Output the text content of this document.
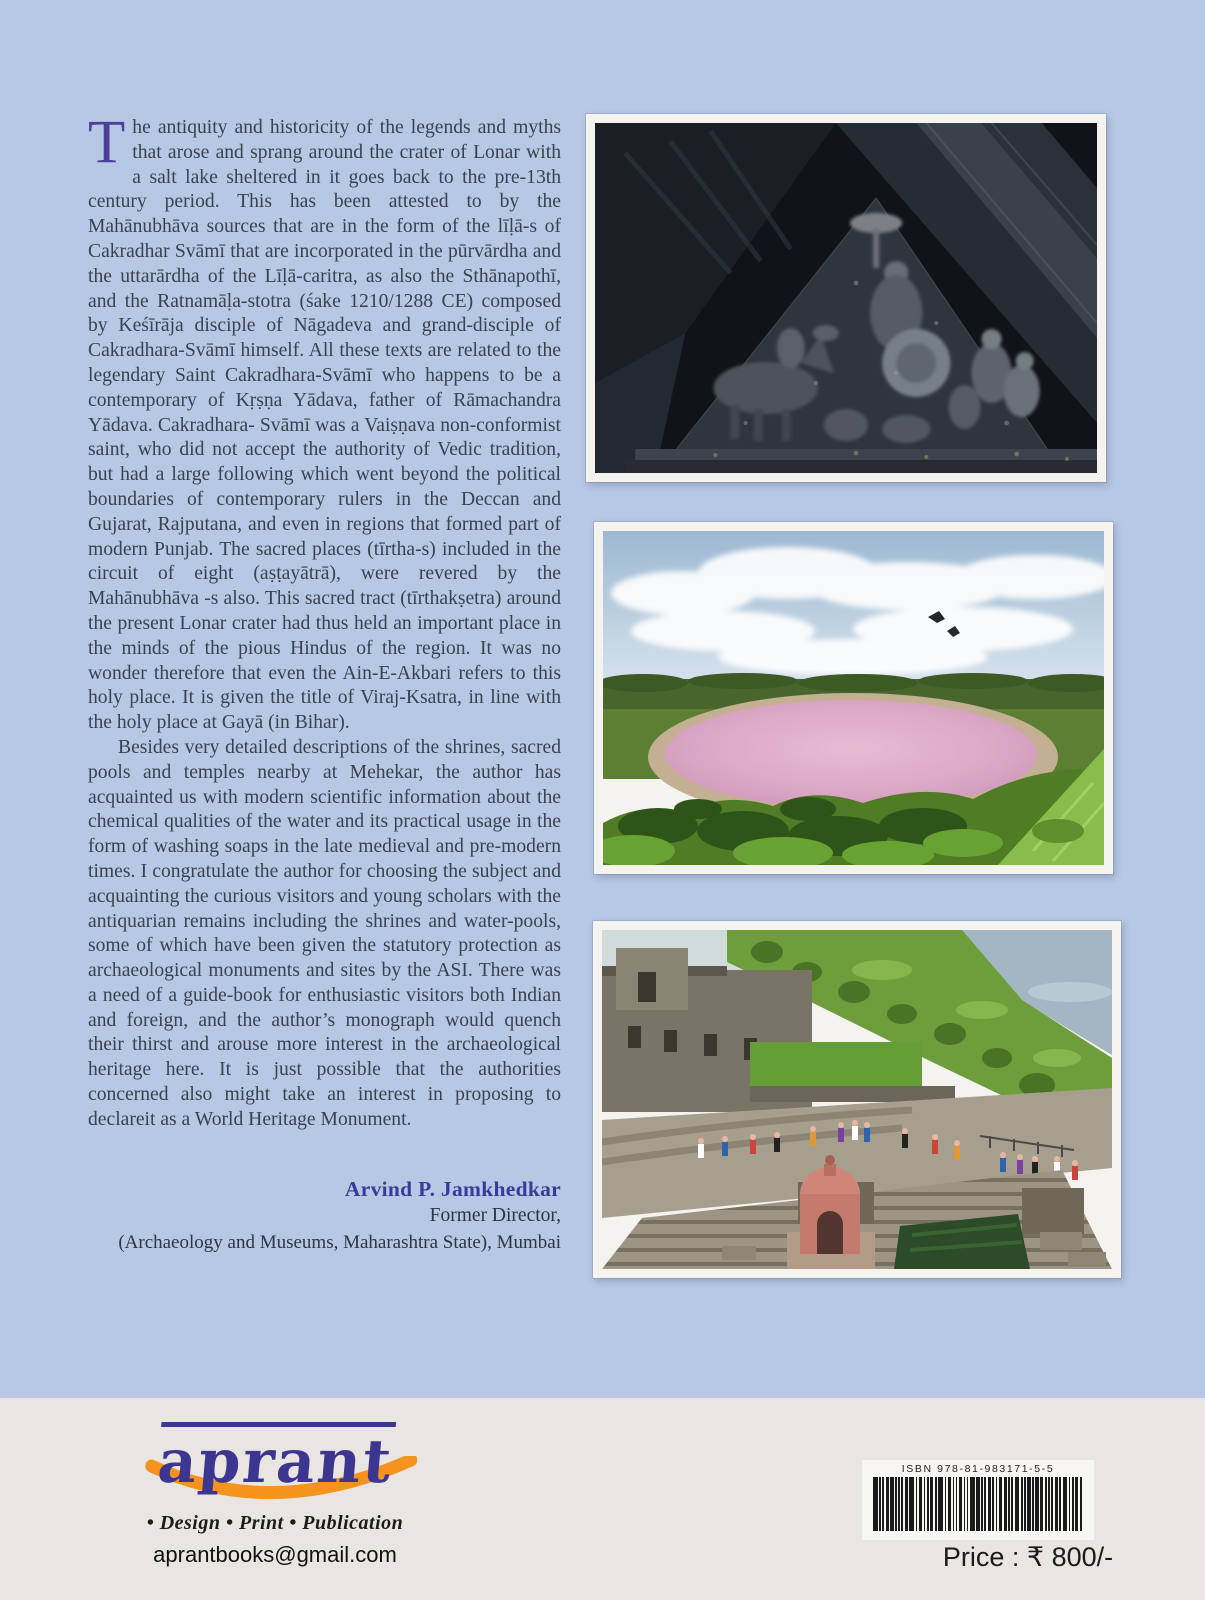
The antiquity and historicity of the legends and myths that arose and sprang around the crater of Lonar with a salt lake sheltered in it goes back to the pre-13th century period. This has been attested to by the Mahānubhāva sources that are in the form of the līḷā-s of Cakradhar Svāmī that are incorporated in the pūrvārdha and the uttarārdha of the Līḷā-caritra, as also the Sthānapothī, and the Ratnamāḷa-stotra (śake 1210/1288 CE) composed by Keśīrāja disciple of Nāgadeva and grand-disciple of Cakradhara-Svāmī himself. All these texts are related to the legendary Saint Cakradhara-Svāmī who happens to be a contemporary of Kṛṣṇa Yādava, father of Rāmachandra Yādava. Cakradhara- Svāmī was a Vaiṣṇava non-conformist saint, who did not accept the authority of Vedic tradition, but had a large following which went beyond the political boundaries of contemporary rulers in the Deccan and Gujarat, Rajputana, and even in regions that formed part of modern Punjab. The sacred places (tīrtha-s) included in the circuit of eight (aṣṭayātrā), were revered by the Mahānubhāva -s also. This sacred tract (tīrthakṣetra) around the present Lonar crater had thus held an important place in the minds of the pious Hindus of the region. It was no wonder therefore that even the Ain-E-Akbari refers to this holy place. It is given the title of Viraj-Ksatra, in line with the holy place at Gayā (in Bihar).

Besides very detailed descriptions of the shrines, sacred pools and temples nearby at Mehekar, the author has acquainted us with modern scientific information about the chemical qualities of the water and its practical usage in the form of washing soaps in the late medieval and pre-modern times. I congratulate the author for choosing the subject and acquainting the curious visitors and young scholars with the antiquarian remains including the shrines and water-pools, some of which have been given the statutory protection as archaeological monuments and sites by the ASI. There was a need of a guide-book for enthusiastic visitors both Indian and foreign, and the author’s monograph would quench their thirst and arouse more interest in the archaeological heritage here. It is just possible that the authorities concerned also might take an interest in proposing to declareit as a World Heritage Monument.

Arvind P. Jamkhedkar
Former Director,
(Archaeology and Museums, Maharashtra State), Mumbai
aprant
• Design • Print • Publication
aprantbooks@gmail.com
ISBN 978-81-983171-5-5
Price : ₹ 800/-
